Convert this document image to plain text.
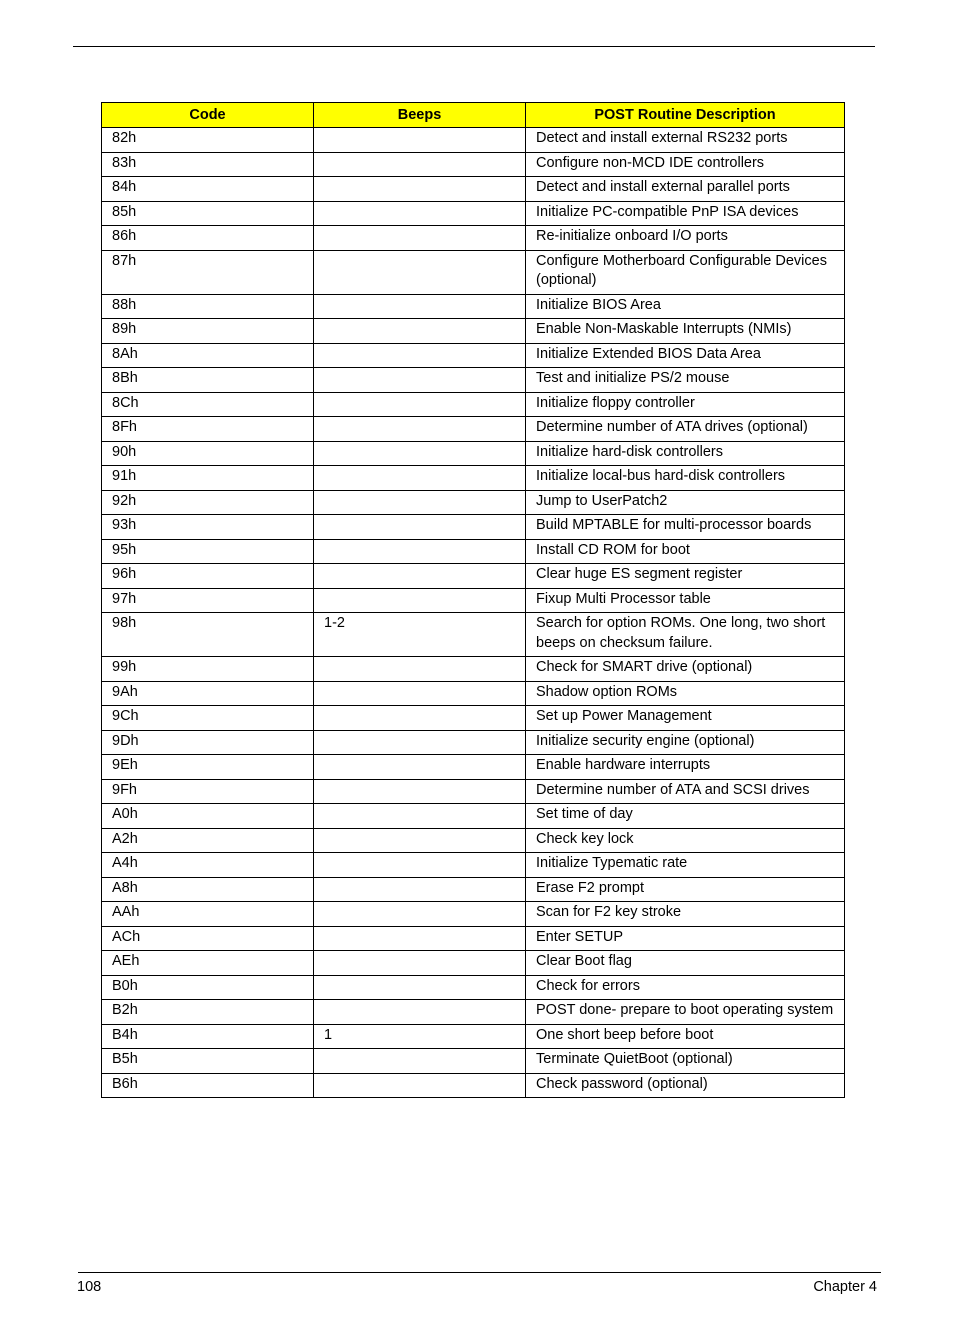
Code	Beeps	POST Routine Description
82h		Detect and install external RS232 ports
83h		Configure non-MCD IDE controllers
84h		Detect and install external parallel ports
85h		Initialize PC-compatible PnP ISA devices
86h		Re-initialize onboard I/O ports
87h		Configure Motherboard Configurable Devices (optional)
88h		Initialize BIOS Area
89h		Enable Non-Maskable Interrupts (NMIs)
8Ah		Initialize Extended BIOS Data Area
8Bh		Test and initialize PS/2 mouse
8Ch		Initialize floppy controller
8Fh		Determine number of ATA drives (optional)
90h		Initialize hard-disk controllers
91h		Initialize local-bus hard-disk controllers
92h		Jump to UserPatch2
93h		Build MPTABLE for multi-processor boards
95h		Install CD ROM for boot
96h		Clear huge ES segment register
97h		Fixup Multi Processor table
98h	1-2	Search for option ROMs. One long, two short beeps on checksum failure.
99h		Check for SMART drive (optional)
9Ah		Shadow option ROMs
9Ch		Set up Power Management
9Dh		Initialize security engine (optional)
9Eh		Enable hardware interrupts
9Fh		Determine number of ATA and SCSI drives
A0h		Set time of day
A2h		Check key lock
A4h		Initialize Typematic rate
A8h		Erase F2 prompt
AAh		Scan for F2 key stroke
ACh		Enter SETUP
AEh		Clear Boot flag
B0h		Check for errors
B2h		POST done- prepare to boot operating system
B4h	1	One short beep before boot
B5h		Terminate QuietBoot (optional)
B6h		Check password (optional)
108	Chapter 4
